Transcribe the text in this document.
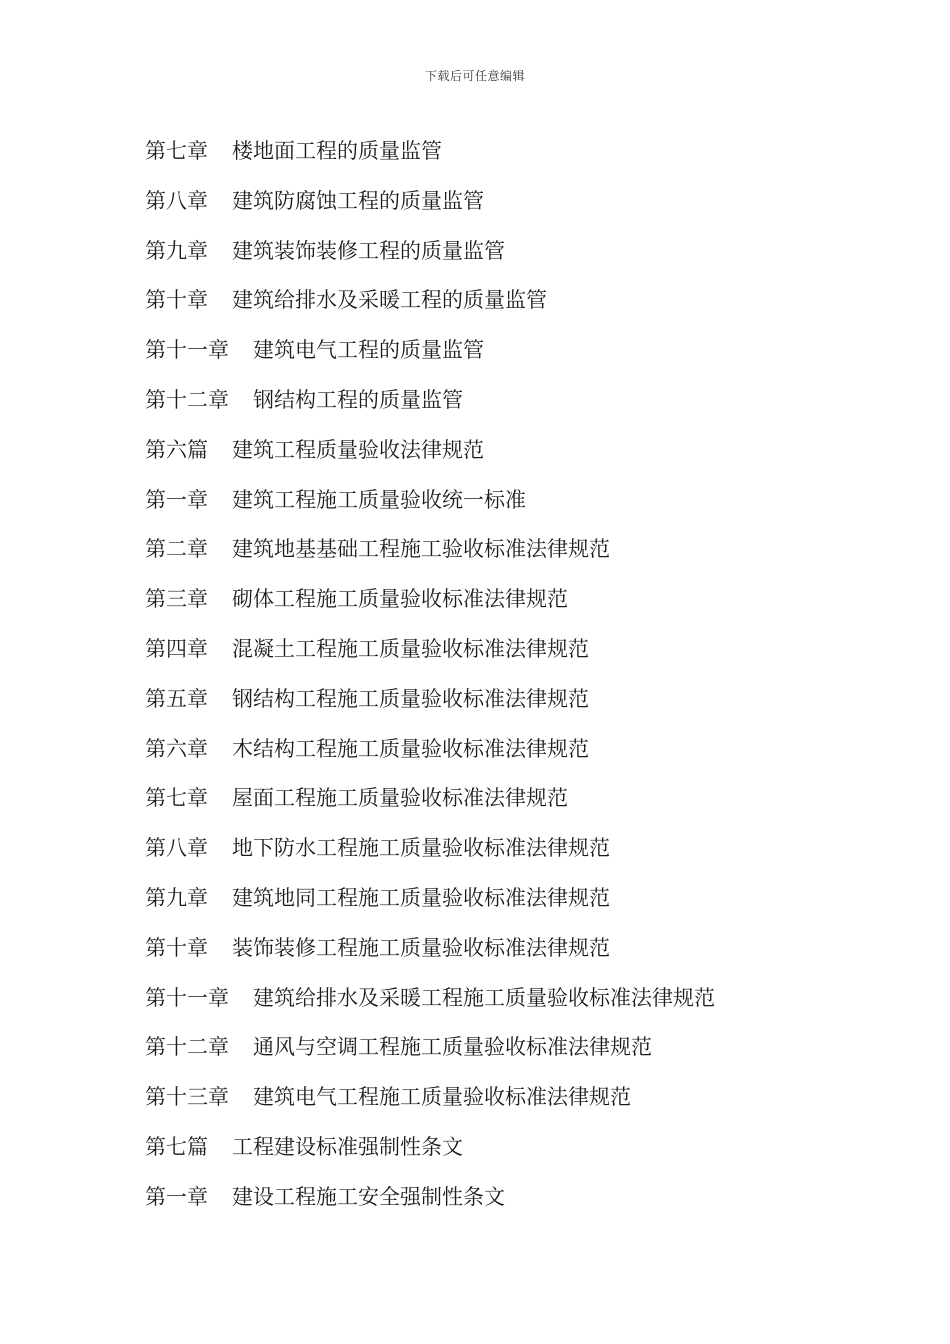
下载后可任意编辑
第七章 楼地面工程的质量监管
第八章 建筑防腐蚀工程的质量监管
第九章 建筑装饰装修工程的质量监管
第十章 建筑给排水及采暖工程的质量监管
第十一章 建筑电气工程的质量监管
第十二章 钢结构工程的质量监管
第六篇 建筑工程质量验收法律规范
第一章 建筑工程施工质量验收统一标准
第二章 建筑地基基础工程施工验收标准法律规范
第三章 砌体工程施工质量验收标准法律规范
第四章 混凝土工程施工质量验收标准法律规范
第五章 钢结构工程施工质量验收标准法律规范
第六章 木结构工程施工质量验收标准法律规范
第七章 屋面工程施工质量验收标准法律规范
第八章 地下防水工程施工质量验收标准法律规范
第九章 建筑地同工程施工质量验收标准法律规范
第十章 装饰装修工程施工质量验收标准法律规范
第十一章 建筑给排水及采暖工程施工质量验收标准法律规范
第十二章 通风与空调工程施工质量验收标准法律规范
第十三章 建筑电气工程施工质量验收标准法律规范
第七篇 工程建设标准强制性条文
第一章 建设工程施工安全强制性条文
